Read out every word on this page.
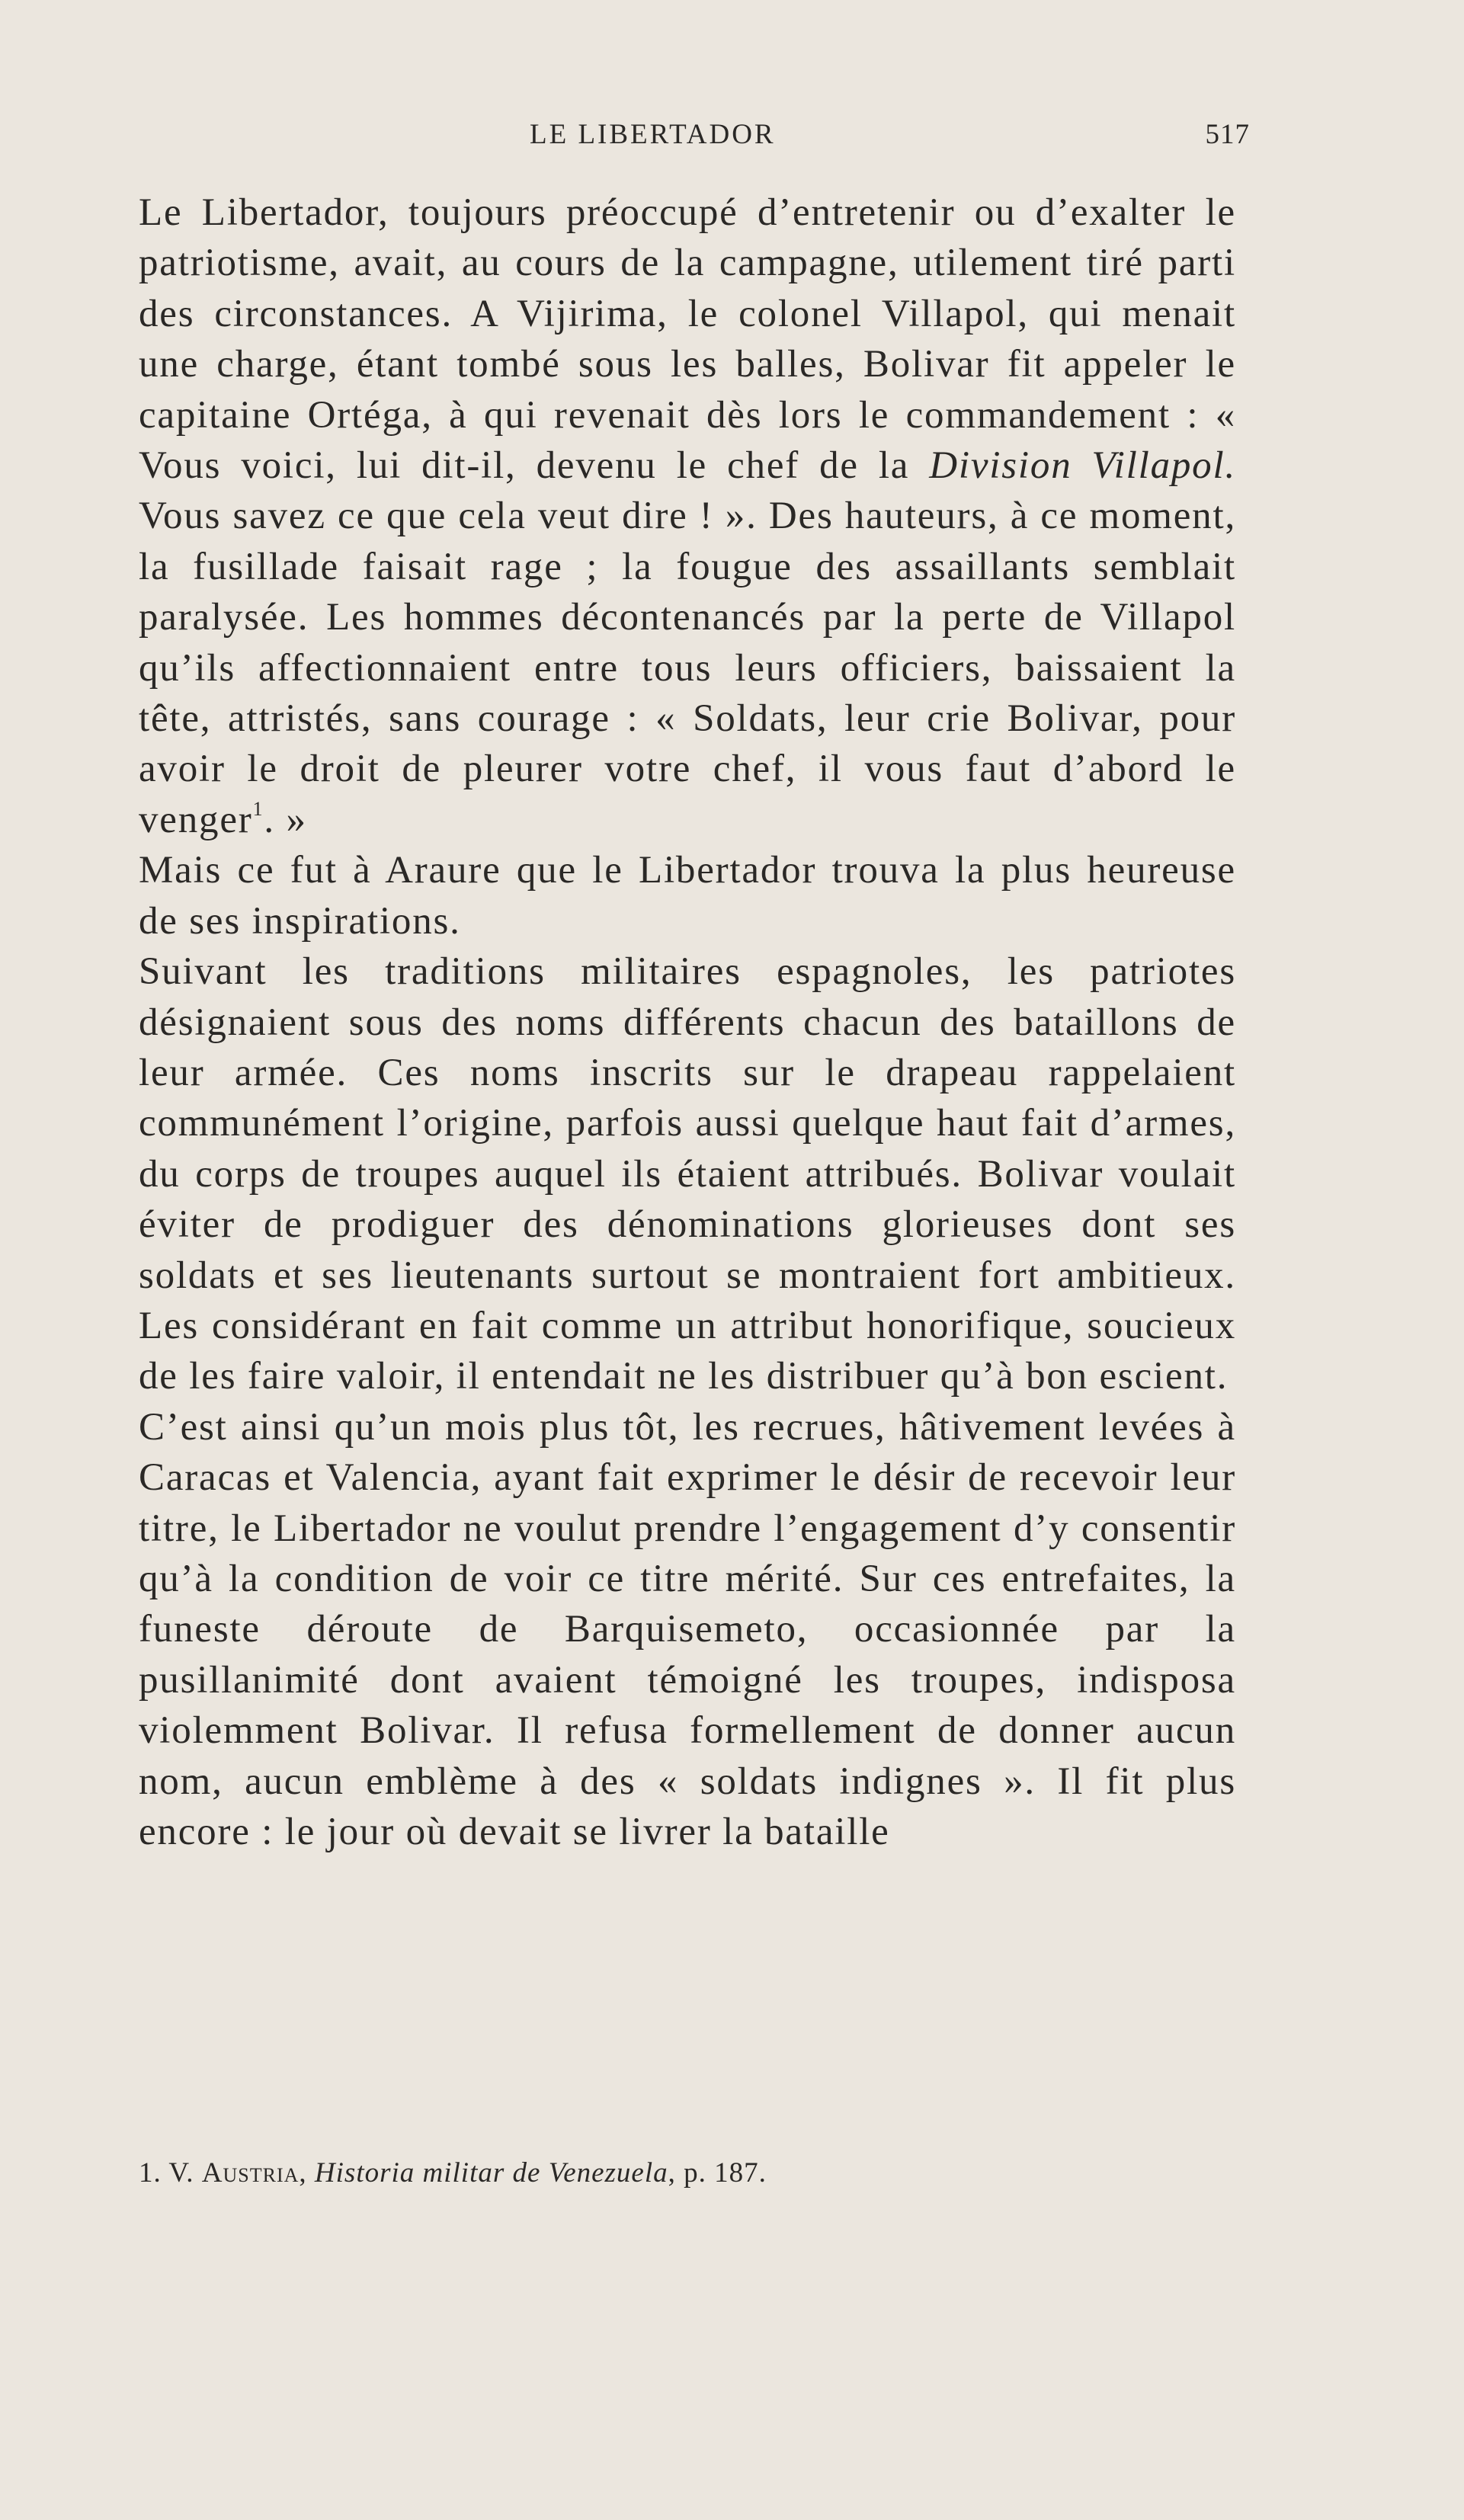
LE LIBERTADOR	517

Le Libertador, toujours préoccupé d’entretenir ou d’exalter le patriotisme, avait, au cours de la campagne, utilement tiré parti des circonstances. A Vijirima, le colonel Villapol, qui menait une charge, étant tombé sous les balles, Bolivar fit appeler le capitaine Ortéga, à qui revenait dès lors le commandement : « Vous voici, lui dit-il, devenu le chef de la Division Villapol. Vous savez ce que cela veut dire ! ». Des hauteurs, à ce moment, la fusillade faisait rage ; la fougue des assaillants semblait paralysée. Les hommes décontenancés par la perte de Villapol qu’ils affectionnaient entre tous leurs officiers, baissaient la tête, attristés, sans courage : « Soldats, leur crie Bolivar, pour avoir le droit de pleurer votre chef, il vous faut d’abord le venger$^1$. »

Mais ce fut à Araure que le Libertador trouva la plus heureuse de ses inspirations.

Suivant les traditions militaires espagnoles, les patriotes désignaient sous des noms différents chacun des bataillons de leur armée. Ces noms inscrits sur le drapeau rappelaient communément l’origine, parfois aussi quelque haut fait d’armes, du corps de troupes auquel ils étaient attribués. Bolivar voulait éviter de prodiguer des dénominations glorieuses dont ses soldats et ses lieutenants surtout se montraient fort ambitieux. Les considérant en fait comme un attribut honorifique, soucieux de les faire valoir, il entendait ne les distribuer qu’à bon escient.

C’est ainsi qu’un mois plus tôt, les recrues, hâtivement levées à Caracas et Valencia, ayant fait exprimer le désir de recevoir leur titre, le Libertador ne voulut prendre l’engagement d’y consentir qu’à la condition de voir ce titre mérité. Sur ces entrefaites, la funeste déroute de Barquisemeto, occasionnée par la pusillanimité dont avaient témoigné les troupes, indisposa violemment Bolivar. Il refusa formellement de donner aucun nom, aucun emblème à des « soldats indignes ». Il fit plus encore : le jour où devait se livrer la bataille

1. V. Austria, Historia militar de Venezuela, p. 187.
